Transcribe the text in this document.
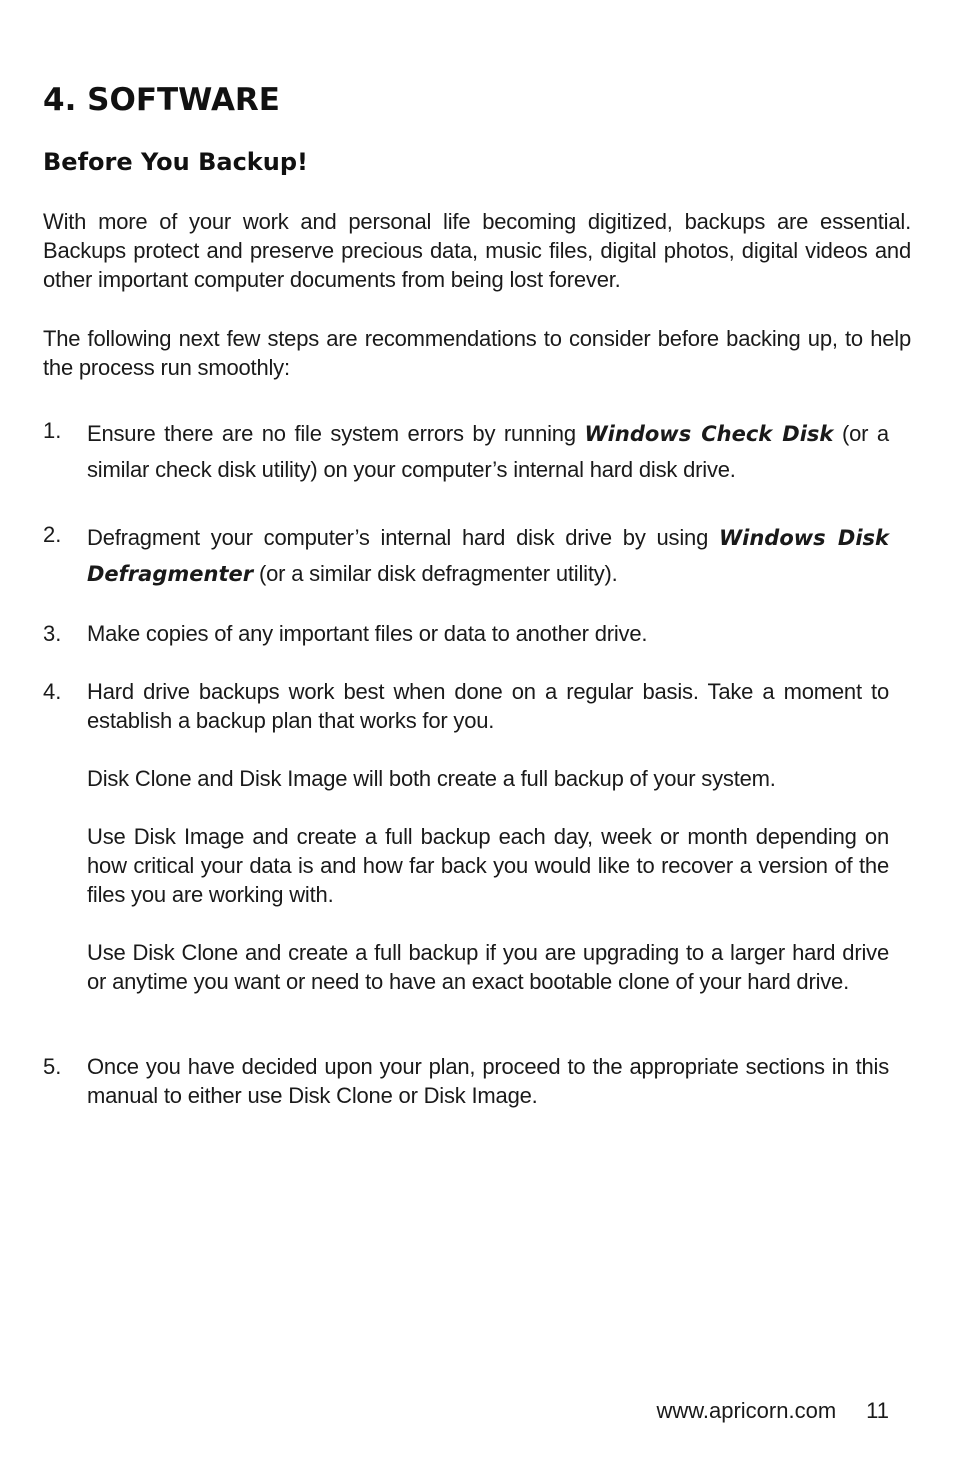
4. SOFTWARE
Before You Backup!

With more of your work and personal life becoming digitized, backups are essential. Backups protect and preserve precious data, music files, digital photos, digital videos and other important computer documents from being lost forever.

The following next few steps are recommendations to consider before backing up, to help the process run smoothly:

1. Ensure there are no file system errors by running Windows Check Disk (or a similar check disk utility) on your computer’s internal hard disk drive.
2. Defragment your computer’s internal hard disk drive by using Windows Disk Defragmenter (or a similar disk defragmenter utility).
3. Make copies of any important files or data to another drive.
4. Hard drive backups work best when done on a regular basis. Take a moment to establish a backup plan that works for you.

Disk Clone and Disk Image will both create a full backup of your system.

Use Disk Image and create a full backup each day, week or month depending on how critical your data is and how far back you would like to recover a version of the files you are working with.

Use Disk Clone and create a full backup if you are upgrading to a larger hard drive or anytime you want or need to have an exact bootable clone of your hard drive.

5. Once you have decided upon your plan, proceed to the appropriate sections in this manual to either use Disk Clone or Disk Image.
www.apricorn.com 11
